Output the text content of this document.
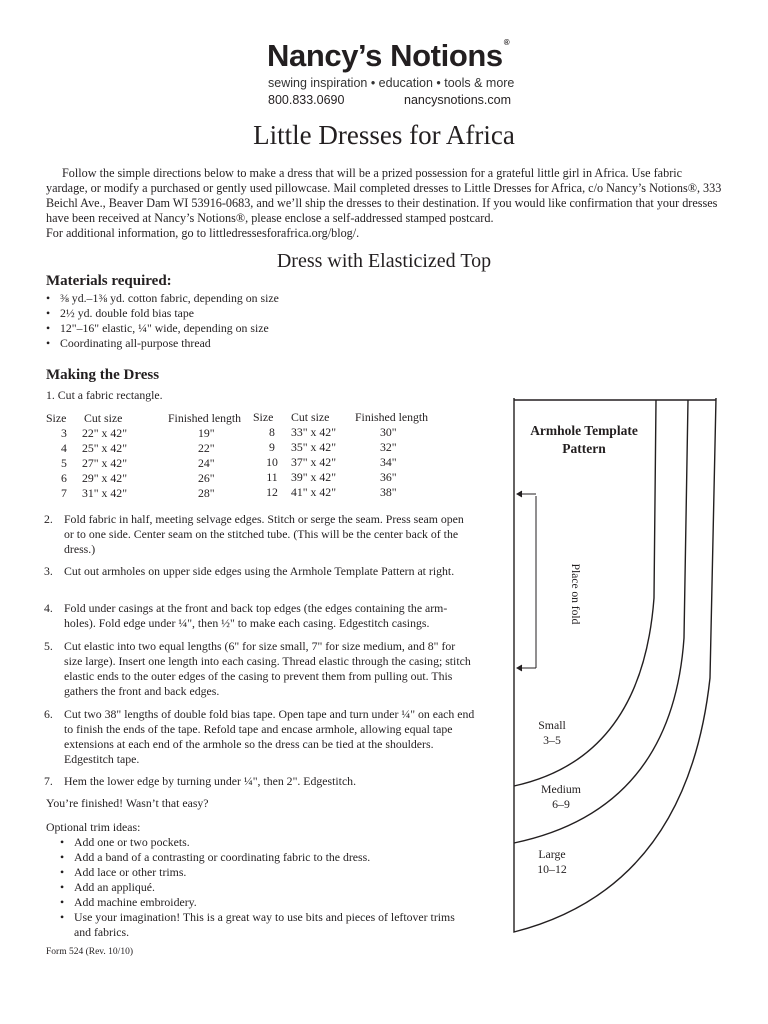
Nancy’s Notions®
sewing inspiration • education • tools & more
800.833.0690	nancysnotions.com
Little Dresses for Africa

Follow the simple directions below to make a dress that will be a prized possession for a grateful little girl in Africa. Use fabric yardage, or modify a purchased or gently used pillowcase. Mail completed dresses to Little Dresses for Africa, c/o Nancy’s Notions®, 333 Beichl Ave., Beaver Dam WI 53916-0683, and we’ll ship the dresses to their destination. If you would like confirmation that your dresses have been received at Nancy’s Notions®, please enclose a self-addressed stamped postcard.

For additional information, go to littledressesforafrica.org/blog/.

Dress with Elasticized Top
Materials required:
• ⅜ yd.–1⅜ yd. cotton fabric, depending on size
• 2½ yd. double fold bias tape
• 12"–16" elastic, ¼" wide, depending on size
• Coordinating all-purpose thread
Making the Dress
1. Cut a fabric rectangle.
Size	Cut size	Finished length
3	22" x 42"	19"
4	25" x 42"	22"
5	27" x 42"	24"
6	29" x 42"	26"
7	31" x 42"	28"
Size	Cut size	Finished length
8	33" x 42"	30"
9	35" x 42"	32"
10	37" x 42"	34"
11	39" x 42"	36"
12	41" x 42"	38"

2. Fold fabric in half, meeting selvage edges. Stitch or serge the seam. Press seam open or to one side. Center seam on the stitched tube. (This will be the center back of the dress.)

3. Cut out armholes on upper side edges using the Armhole Template Pattern at right.

4. Fold under casings at the front and back top edges (the edges containing the arm-holes). Fold edge under ¼", then ½" to make each casing. Edgestitch casings.

5. Cut elastic into two equal lengths (6" for size small, 7" for size medium, and 8" for size large). Insert one length into each casing. Thread elastic through the casing; stitch elastic ends to the outer edges of the casing to prevent them from pulling out. This gathers the front and back edges.

6. Cut two 38" lengths of double fold bias tape. Open tape and turn under ¼" on each end to finish the ends of the tape. Refold tape and encase armhole, allowing equal tape extensions at each end of the armhole so the dress can be tied at the shoulders. Edgestitch tape.

7. Hem the lower edge by turning under ¼", then 2". Edgestitch.

You’re finished! Wasn’t that easy?
Optional trim ideas:
• Add one or two pockets.
• Add a band of a contrasting or coordinating fabric to the dress.
• Add lace or other trims.
• Add an appliqué.
• Add machine embroidery.
• Use your imagination! This is a great way to use bits and pieces of leftover trims and fabrics.
Form 524 (Rev. 10/10)
Armhole Template
Pattern
Place on fold
Small
3–5
Medium
6–9
Large
10–12
